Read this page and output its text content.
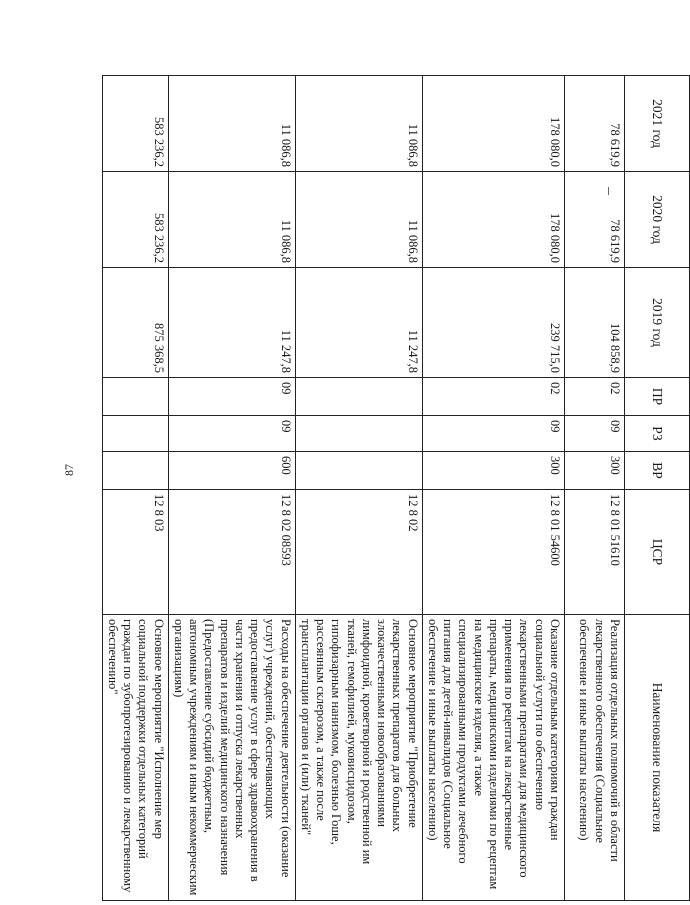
87
2021 год	2020 год	2019 год	ПР	РЗ	ВР	ЦСР	Наименование показателя
78 619,9	78 619,9	104 858,9	02	09	300	12 8 01 51610	Реализация отдельных полномочий в области лекарственного обеспечения (Социальное обеспечение и иные выплаты населению)
178 080,0	178 080,0	239 715,0	02	09	300	12 8 01 54600	Оказание отдельным категориям граждан социальной услуги по обеспечению лекарственными препаратами для медицинского применения по рецептам на лекарственные препараты, медицинскими изделиями по рецептам на медицинские изделия, а также специализированными продуктами лечебного питания для детей-инвалидов (Социальное обеспечение и иные выплаты населению)
11 086,8	11 086,8	11 247,8				12 8 02	Основное мероприятие "Приобретение лекарственных препаратов для больных злокачественными новообразованиями лимфоидной, кроветворной и родственной им тканей, гемофилией, муковисцидозом, гипофизарным нанизмом, болезнью Гоше, рассеянным склерозом, а также после трансплантации органов и (или) тканей"
11 086,8	11 086,8	11 247,8	09	09	600	12 8 02 08593	Расходы на обеспечение деятельности (оказание услуг) учреждений, обеспечивающих предоставление услуг в сфере здравоохранения в части хранения и отпуска лекарственных препаратов и изделий медицинского назначения (Предоставление субсидий бюджетным, автономным учреждениям и иным некоммерческим организациям)
583 236,2	583 236,2	875 368,5				12 8 03	Основное мероприятие "Исполнение мер социальной поддержки отдельных категорий граждан по зубопротезированию и лекарственному обеспечению"
